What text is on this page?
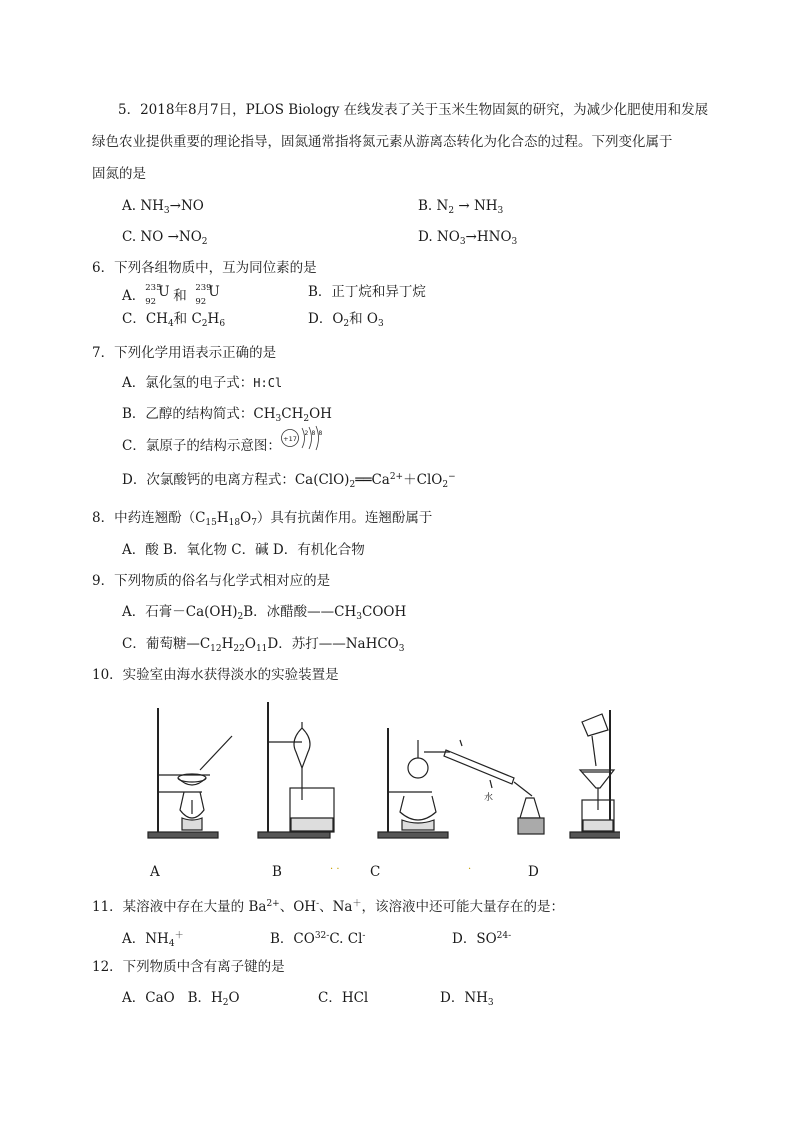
5．2018年8月7日，PLOS Biology 在线发表了关于玉米生物固氮的研究，为减少化肥使用和发展
绿色农业提供重要的理论指导，固氮通常指将氮元素从游离态转化为化合态的过程。下列变化属于
固氮的是
A. $NH_3\to NO$	B. $N_2 \to NH_3$
C. NO $\to NO_2$	D. $NO_3\to HNO_3$
6．下列各组物质中，互为同位素的是
A． 235
92
U 和 239
92
U	B．正丁烷和异丁烷
C．$CH_4$和 $C_2H_6$	D．$O_2$和 $O_3$
7．下列化学用语表示正确的是
A．氯化氢的电子式：H:Cl
B．乙醇的结构简式：$CH_3CH_2OH$
C．氯原子的结构示意图： +17
2 8 8
D．次氯酸钙的电离方程式：$Ca(ClO)_2══Ca^{2+}+ClO_2^-$
8．中药连翘酚$(C_{15}H_{18}O_7)$具有抗菌作用。连翘酚属于
A．酸 B．氧化物 C．碱 D．有机化合物
9．下列物质的俗名与化学式相对应的是
A．石膏$-Ca(OH)_2B$．冰醋酸$——CH_3COOH$
C．葡萄糖$—C_{12}H_{22}O_{11}D$．苏打——NaHCO$_3$
10．实验室由海水获得淡水的实验装置是
水
A	B	· · C	·	D
11．某溶液中存在大量的 $Ba^{2+}$、OH-、Na＋，该溶液中还可能大量存在的是：
A．$NH_4^+$	B．$CO^{32-}C$. Cl-	D．$SO^{24-}$
12．下列物质中含有离子键的是
A．CaO B．$H_2O$	C．HCl	D．$NH_3$
